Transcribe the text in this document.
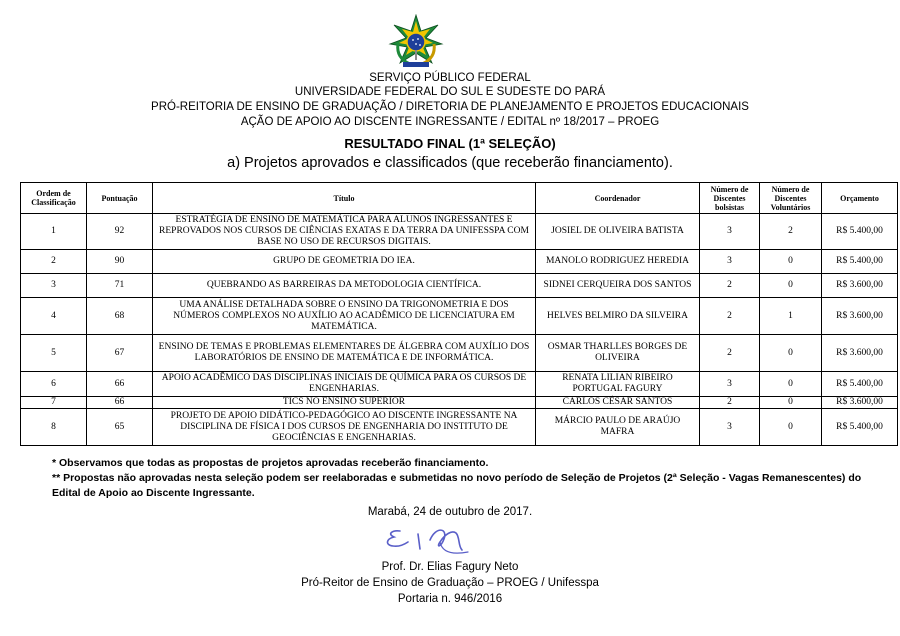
SERVIÇO PÚBLICO FEDERAL
UNIVERSIDADE FEDERAL DO SUL E SUDESTE DO PARÁ
PRÓ-REITORIA DE ENSINO DE GRADUAÇÃO / DIRETORIA DE PLANEJAMENTO E PROJETOS EDUCACIONAIS
AÇÃO DE APOIO AO DISCENTE INGRESSANTE / EDITAL nº 18/2017 – PROEG
RESULTADO FINAL (1ª SELEÇÃO)
a) Projetos aprovados e classificados (que receberão financiamento).
Ordem de Classificação	Pontuação	Título	Coordenador	Número de Discentes bolsistas	Número de Discentes Voluntários	Orçamento
1	92	ESTRATÉGIA DE ENSINO DE MATEMÁTICA PARA ALUNOS INGRESSANTES E REPROVADOS NOS CURSOS DE CIÊNCIAS EXATAS E DA TERRA DA UNIFESSPA COM BASE NO USO DE RECURSOS DIGITAIS.	JOSIEL DE OLIVEIRA BATISTA	3	2	R$ 5.400,00
2	90	GRUPO DE GEOMETRIA DO IEA.	MANOLO RODRIGUEZ HEREDIA	3	0	R$ 5.400,00
3	71	QUEBRANDO AS BARREIRAS DA METODOLOGIA CIENTÍFICA.	SIDNEI CERQUEIRA DOS SANTOS	2	0	R$ 3.600,00
4	68	UMA ANÁLISE DETALHADA SOBRE O ENSINO DA TRIGONOMETRIA E DOS NÚMEROS COMPLEXOS NO AUXÍLIO AO ACADÊMICO DE LICENCIATURA EM MATEMÁTICA.	HELVES BELMIRO DA SILVEIRA	2	1	R$ 3.600,00
5	67	ENSINO DE TEMAS E PROBLEMAS ELEMENTARES DE ÁLGEBRA COM AUXÍLIO DOS LABORATÓRIOS DE ENSINO DE MATEMÁTICA E DE INFORMÁTICA.	OSMAR THARLLES BORGES DE OLIVEIRA	2	0	R$ 3.600,00
6	66	APOIO ACADÊMICO DAS DISCIPLINAS INICIAIS DE QUÍMICA PARA OS CURSOS DE ENGENHARIAS.	RENATA LILIAN RIBEIRO PORTUGAL FAGURY	3	0	R$ 5.400,00
7	66	TICS NO ENSINO SUPERIOR	CARLOS CÉSAR SANTOS	2	0	R$ 3.600,00
8	65	PROJETO DE APOIO DIDÁTICO-PEDAGÓGICO AO DISCENTE INGRESSANTE NA DISCIPLINA DE FÍSICA I DOS CURSOS DE ENGENHARIA DO INSTITUTO DE GEOCIÊNCIAS E ENGENHARIAS.	MÁRCIO PAULO DE ARAÚJO MAFRA	3	0	R$ 5.400,00
* Observamos que todas as propostas de projetos aprovadas receberão financiamento.
** Propostas não aprovadas nesta seleção podem ser reelaboradas e submetidas no novo período de Seleção de Projetos (2ª Seleção - Vagas Remanescentes) do Edital de Apoio ao Discente Ingressante.
Marabá, 24 de outubro de 2017.
Prof. Dr. Elias Fagury Neto
Pró-Reitor de Ensino de Graduação – PROEG / Unifesspa
Portaria n. 946/2016
